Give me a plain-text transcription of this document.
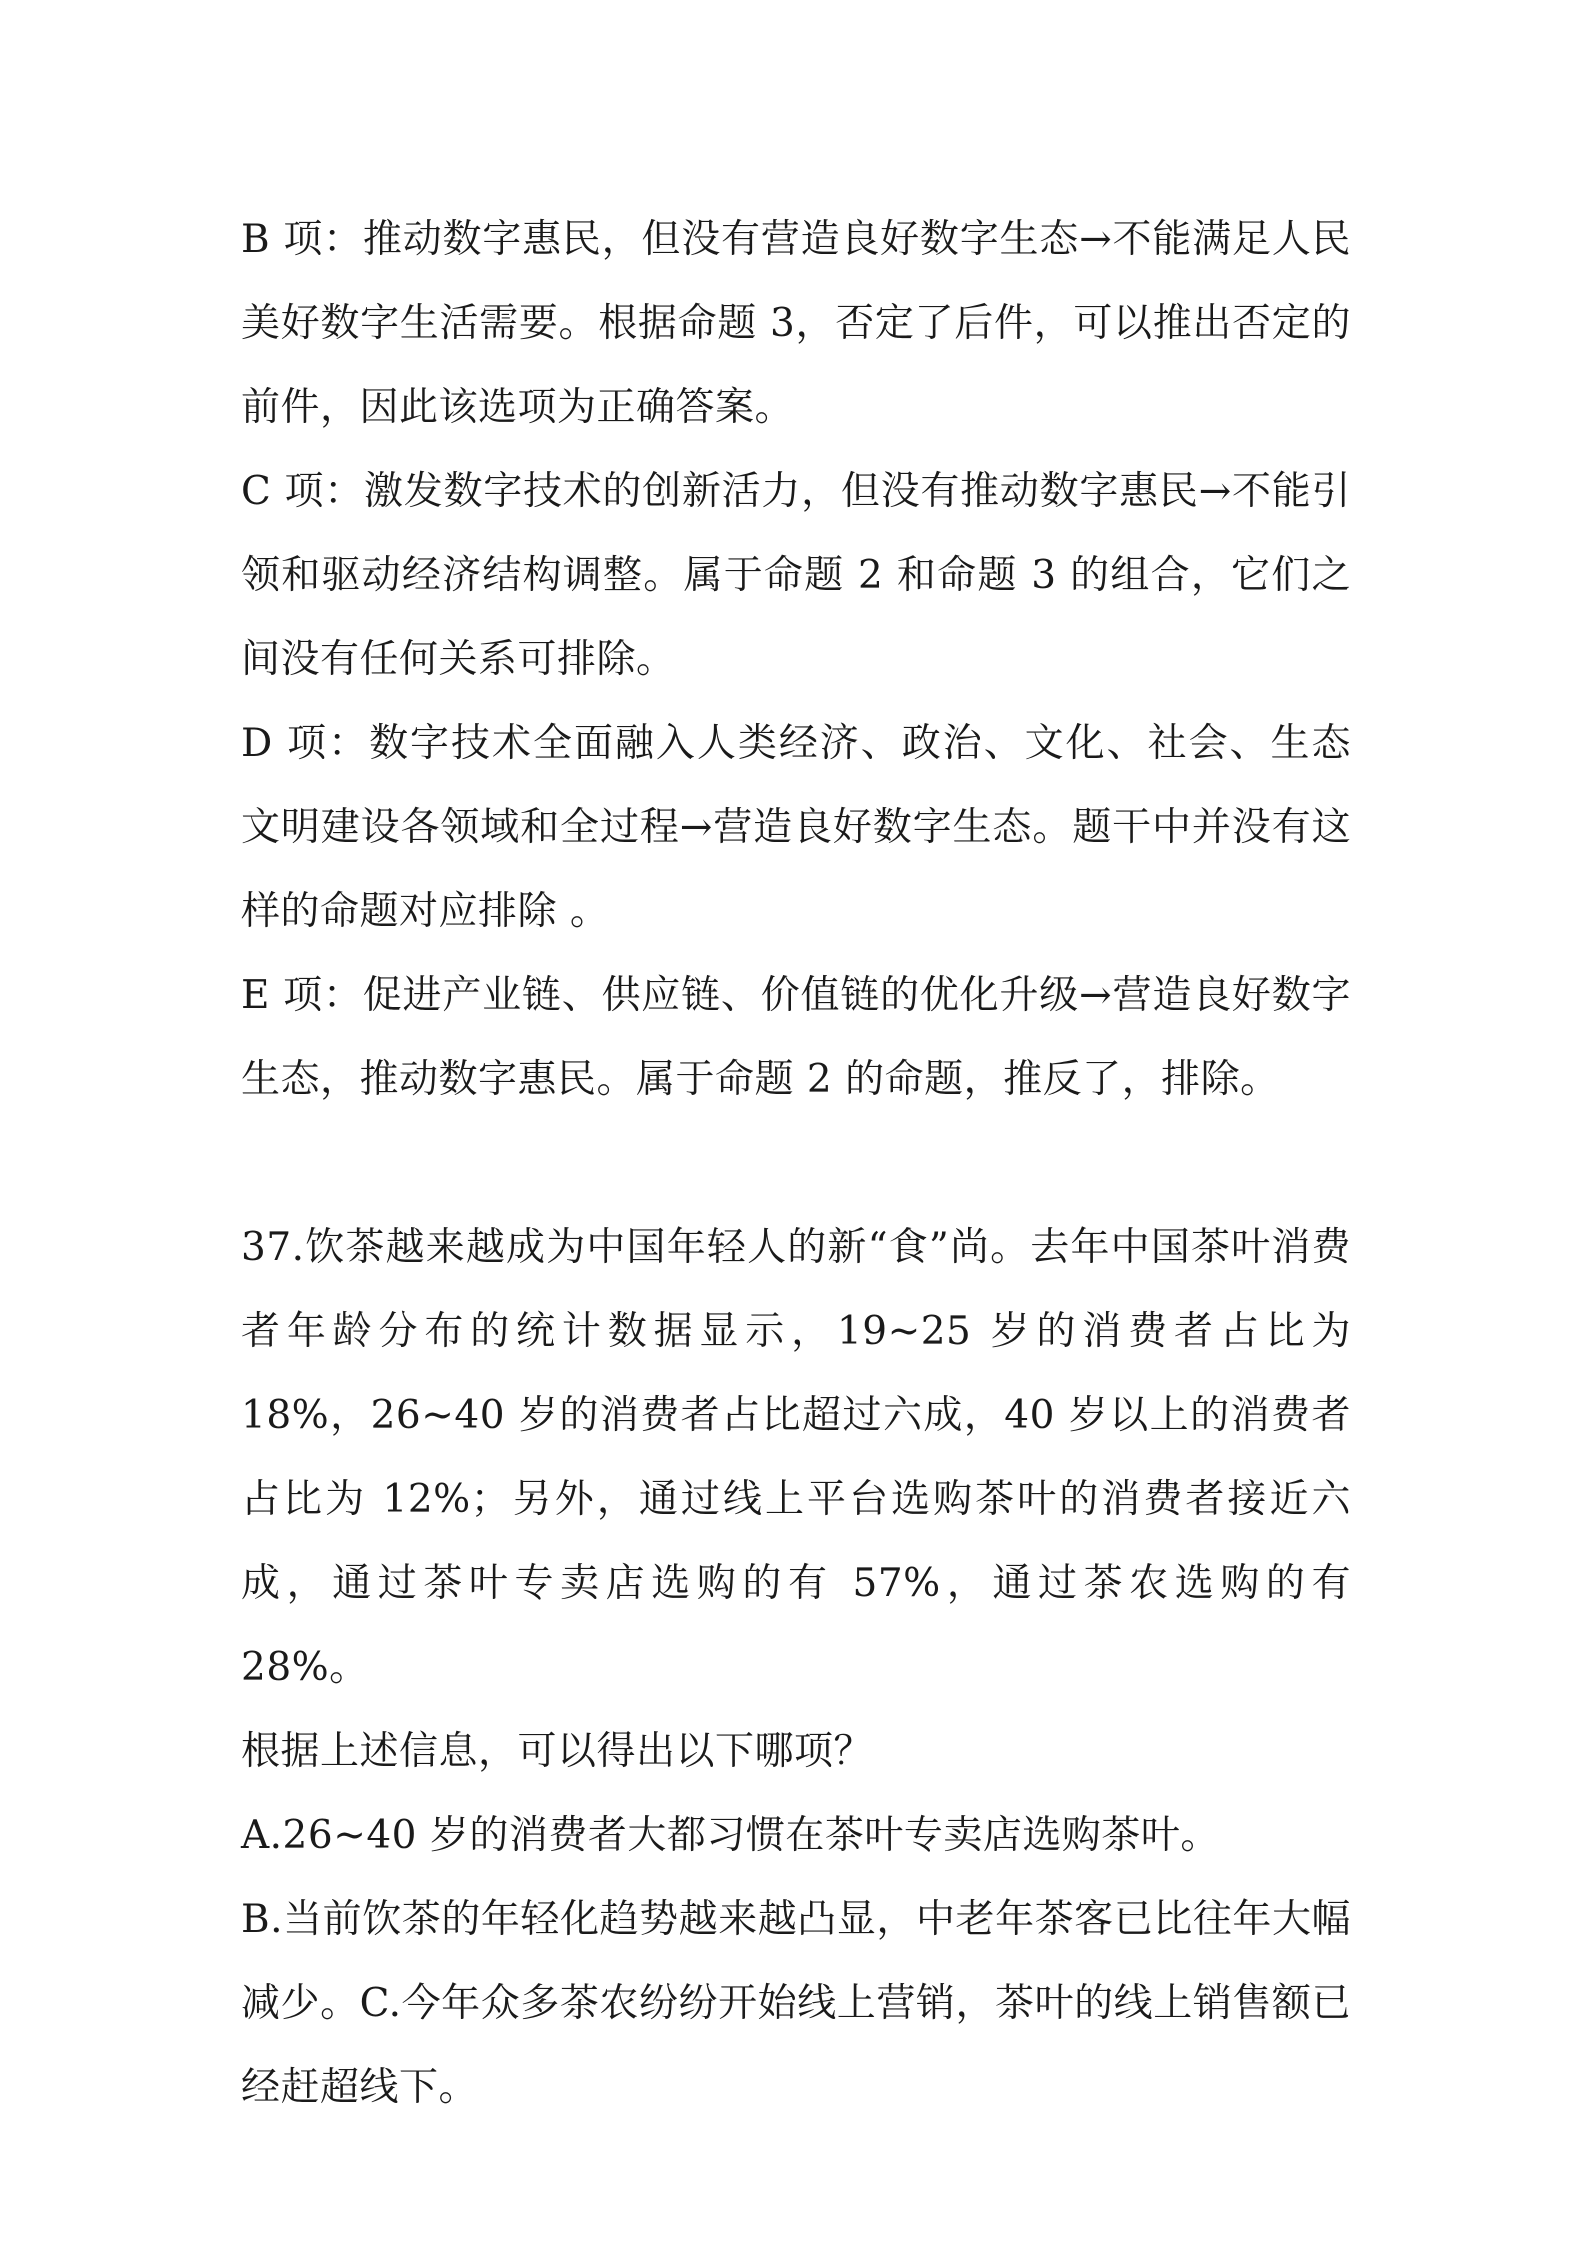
B 项：推动数字惠民，但没有营造良好数字生态→不能满足人民美好数字生活需要。根据命题 3，否定了后件，可以推出否定的前件，因此该选项为正确答案。

C 项：激发数字技术的创新活力，但没有推动数字惠民→不能引领和驱动经济结构调整。属于命题 2 和命题 3 的组合，它们之间没有任何关系可排除。

D 项：数字技术全面融入人类经济、政治、文化、社会、生态文明建设各领域和全过程→营造良好数字生态。题干中并没有这样的命题对应排除 。

E 项：促进产业链、供应链、价值链的优化升级→营造良好数字生态，推动数字惠民。属于命题 2 的命题，推反了，排除。

37.饮茶越来越成为中国年轻人的新“食”尚。去年中国茶叶消费者年龄分布的统计数据显示，19~25 岁的消费者占比为 18%，26~40 岁的消费者占比超过六成，40 岁以上的消费者占比为 12%；另外，通过线上平台选购茶叶的消费者接近六成，通过茶叶专卖店选购的有 57%，通过茶农选购的有 28%。

根据上述信息，可以得出以下哪项？

A.26~40 岁的消费者大都习惯在茶叶专卖店选购茶叶。

B.当前饮茶的年轻化趋势越来越凸显，中老年茶客已比往年大幅减少。C.今年众多茶农纷纷开始线上营销，茶叶的线上销售额已经赶超线下。
